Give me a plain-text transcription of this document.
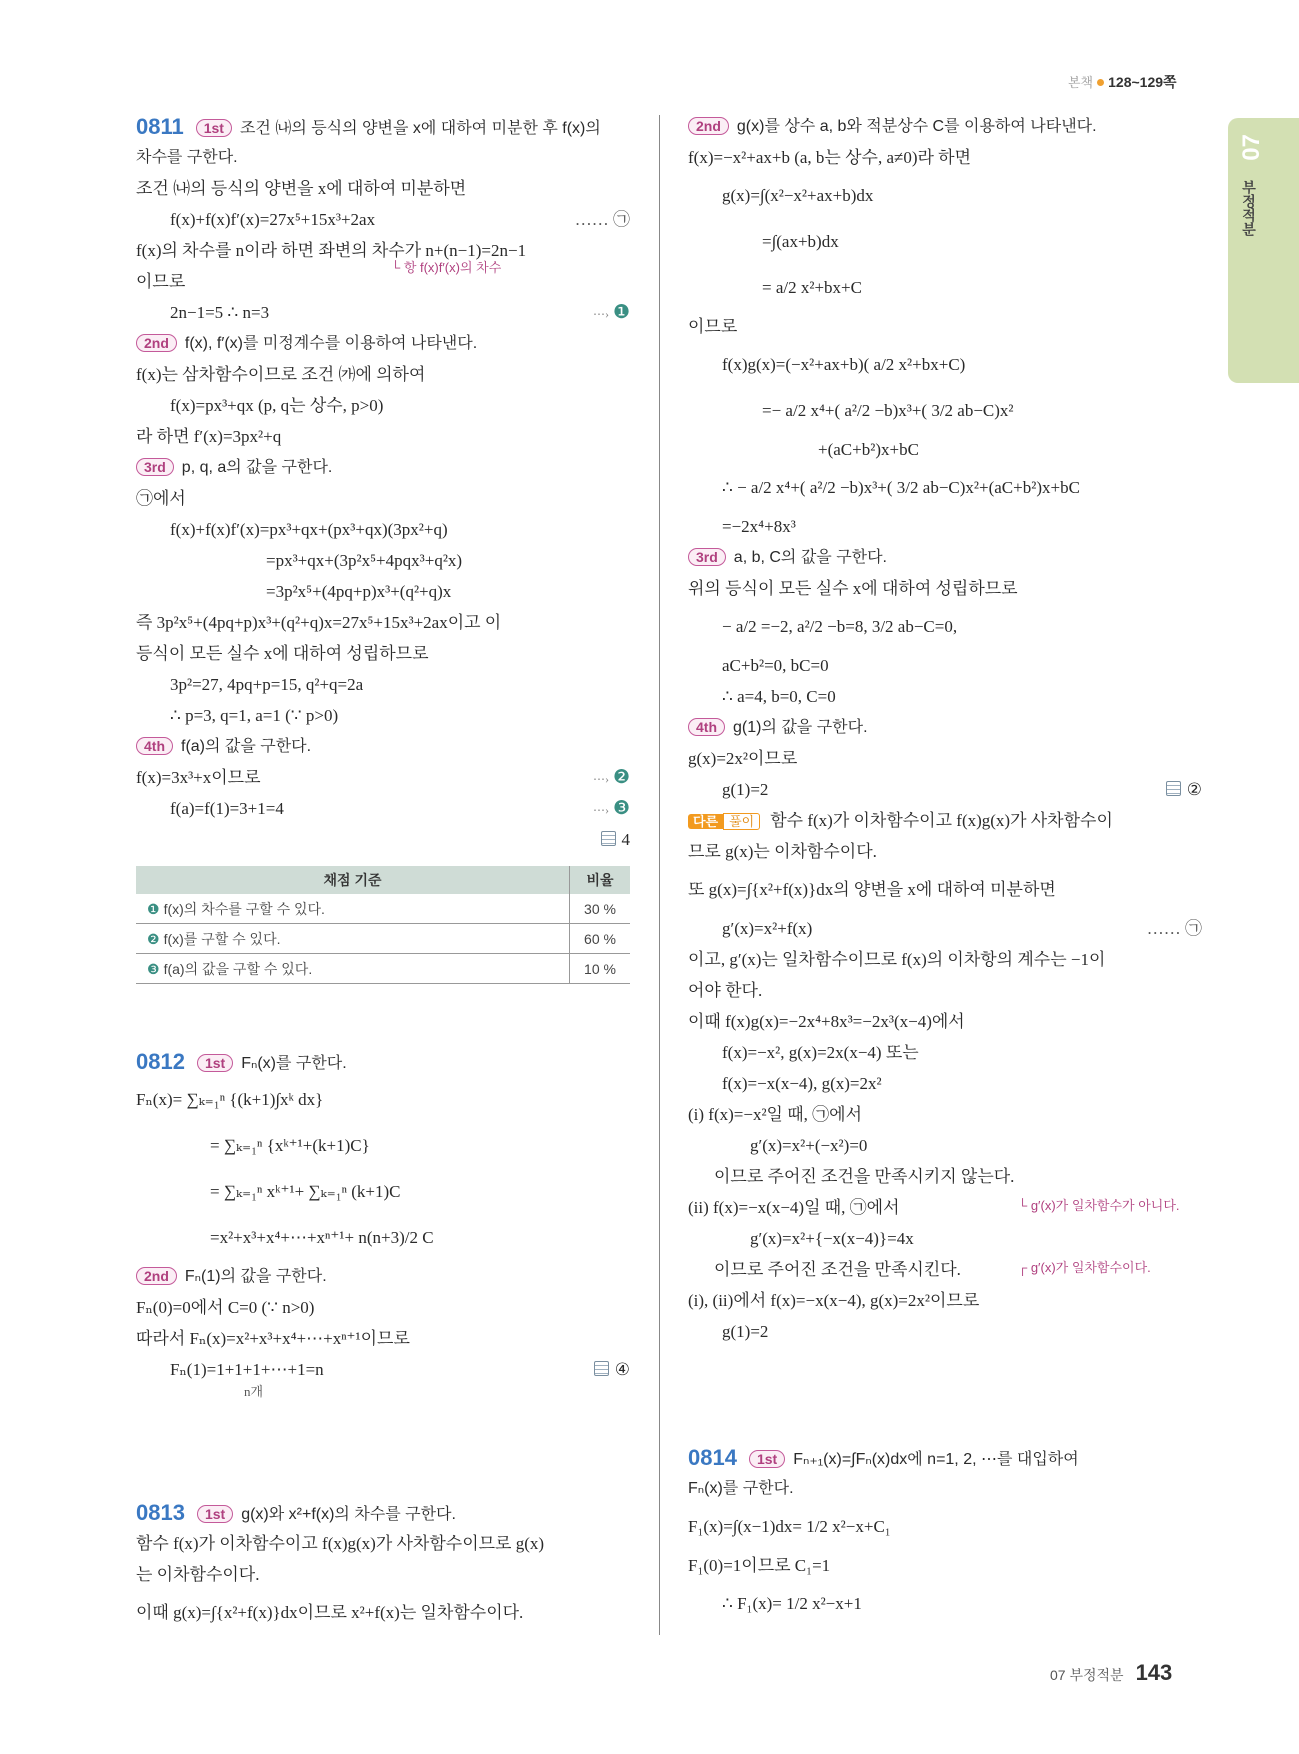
본책 128~129쪽
07
부정적분
0811 1st 조건 ㈏의 등식의 양변을 x에 대하여 미분한 후 f(x)의
차수를 구한다.
조건 ㈏의 등식의 양변을 x에 대하여 미분하면
f(x)+f(x)f′(x)=27x⁵+15x³+2ax	…… ㉠
f(x)의 차수를 n이라 하면 좌변의 차수가 n+(n−1)=2n−1
이므로
└ 항 f(x)f′(x)의 차수
2n−1=5 ∴ n=3	⋯› ❶
2nd f(x), f′(x)를 미정계수를 이용하여 나타낸다.
f(x)는 삼차함수이므로 조건 ㈎에 의하여
f(x)=px³+qx (p, q는 상수, p>0)
라 하면 f′(x)=3px²+q
3rd p, q, a의 값을 구한다.
㉠에서
f(x)+f(x)f′(x)=px³+qx+(px³+qx)(3px²+q)
=px³+qx+(3p²x⁵+4pqx³+q²x)
=3p²x⁵+(4pq+p)x³+(q²+q)x
즉 3p²x⁵+(4pq+p)x³+(q²+q)x=27x⁵+15x³+2ax이고 이
등식이 모든 실수 x에 대하여 성립하므로
3p²=27, 4pq+p=15, q²+q=2a
∴ p=3, q=1, a=1 (∵ p>0)
4th f(a)의 값을 구한다.
f(x)=3x³+x이므로	⋯› ❷
f(a)=f(1)=3+1=4	⋯› ❸
4
채점 기준	비율
❶ f(x)의 차수를 구할 수 있다.	30 %
❷ f(x)를 구할 수 있다.	60 %
❸ f(a)의 값을 구할 수 있다.	10 %
0812 1st Fₙ(x)를 구한다.
Fₙ(x)= ∑ₖ₌₁ⁿ {(k+1)∫xᵏ dx}
= ∑ₖ₌₁ⁿ {xᵏ⁺¹+(k+1)C}
= ∑ₖ₌₁ⁿ xᵏ⁺¹+ ∑ₖ₌₁ⁿ (k+1)C
=x²+x³+x⁴+⋯+xⁿ⁺¹+ n(n+3)/2 C
2nd Fₙ(1)의 값을 구한다.
Fₙ(0)=0에서 C=0 (∵ n>0)
따라서 Fₙ(x)=x²+x³+x⁴+⋯+xⁿ⁺¹이므로
Fₙ(1)=1+1+1+⋯+1=n
n개
④
0813 1st g(x)와 x²+f(x)의 차수를 구한다.
함수 f(x)가 이차함수이고 f(x)g(x)가 사차함수이므로 g(x)
는 이차함수이다.
이때 g(x)=∫{x²+f(x)}dx이므로 x²+f(x)는 일차함수이다.
2nd g(x)를 상수 a, b와 적분상수 C를 이용하여 나타낸다.
f(x)=−x²+ax+b (a, b는 상수, a≠0)라 하면
g(x)=∫(x²−x²+ax+b)dx
=∫(ax+b)dx
= a/2 x²+bx+C
이므로
f(x)g(x)=(−x²+ax+b)( a/2 x²+bx+C)
=− a/2 x⁴+( a²/2 −b)x³+( 3/2 ab−C)x²
+(aC+b²)x+bC
∴ − a/2 x⁴+( a²/2 −b)x³+( 3/2 ab−C)x²+(aC+b²)x+bC
=−2x⁴+8x³
3rd a, b, C의 값을 구한다.
위의 등식이 모든 실수 x에 대하여 성립하므로
− a/2 =−2, a²/2 −b=8, 3/2 ab−C=0,
aC+b²=0, bC=0
∴ a=4, b=0, C=0
4th g(1)의 값을 구한다.
g(x)=2x²이므로
g(1)=2	②
다른 풀이 함수 f(x)가 이차함수이고 f(x)g(x)가 사차함수이
므로 g(x)는 이차함수이다.
또 g(x)=∫{x²+f(x)}dx의 양변을 x에 대하여 미분하면
g′(x)=x²+f(x)	…… ㉠
이고, g′(x)는 일차함수이므로 f(x)의 이차항의 계수는 −1이
어야 한다.
이때 f(x)g(x)=−2x⁴+8x³=−2x³(x−4)에서
f(x)=−x², g(x)=2x(x−4) 또는
f(x)=−x(x−4), g(x)=2x²
(i) f(x)=−x²일 때, ㉠에서
g′(x)=x²+(−x²)=0
이므로 주어진 조건을 만족시키지 않는다.
(ii) f(x)=−x(x−4)일 때, ㉠에서	└ g′(x)가 일차함수가 아니다.
g′(x)=x²+{−x(x−4)}=4x
이므로 주어진 조건을 만족시킨다.	┌ g′(x)가 일차함수이다.
(i), (ii)에서 f(x)=−x(x−4), g(x)=2x²이므로
g(1)=2
0814 1st Fₙ₊₁(x)=∫Fₙ(x)dx에 n=1, 2, ⋯를 대입하여
Fₙ(x)를 구한다.
F₁(x)=∫(x−1)dx= 1/2 x²−x+C₁
F₁(0)=1이므로 C₁=1
∴ F₁(x)= 1/2 x²−x+1
07 부정적분 143
